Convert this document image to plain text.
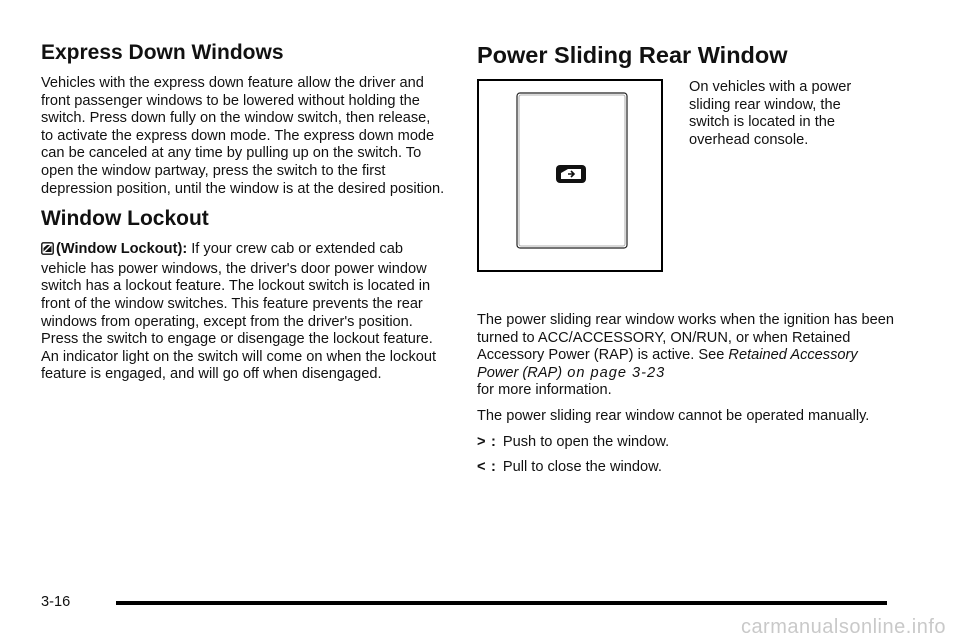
Express Down Windows

Vehicles with the express down feature allow the driver and front passenger windows to be lowered without holding the switch. Press down fully on the window switch, then release, to activate the express down mode. The express down mode can be canceled at any time by pulling up on the switch. To open the window partway, press the switch to the first depression position, until the window is at the desired position.

Window Lockout

(Window Lockout): If your crew cab or extended cab vehicle has power windows, the driver's door power window switch has a lockout feature. The lockout switch is located in front of the window switches. This feature prevents the rear windows from operating, except from the driver's position. Press the switch to engage or disengage the lockout feature. An indicator light on the switch will come on when the lockout feature is engaged, and will go off when disengaged.

Power Sliding Rear Window

On vehicles with a power sliding rear window, the switch is located in the overhead console.

The power sliding rear window works when the ignition has been turned to ACC/ACCESSORY, ON/RUN, or when Retained Accessory Power (RAP) is active. See Retained Accessory Power (RAP) on page 3-23
for more information.

The power sliding rear window cannot be operated manually.

> : Push to open the window.

< : Pull to close the window.

3-16
carmanualsonline.info
